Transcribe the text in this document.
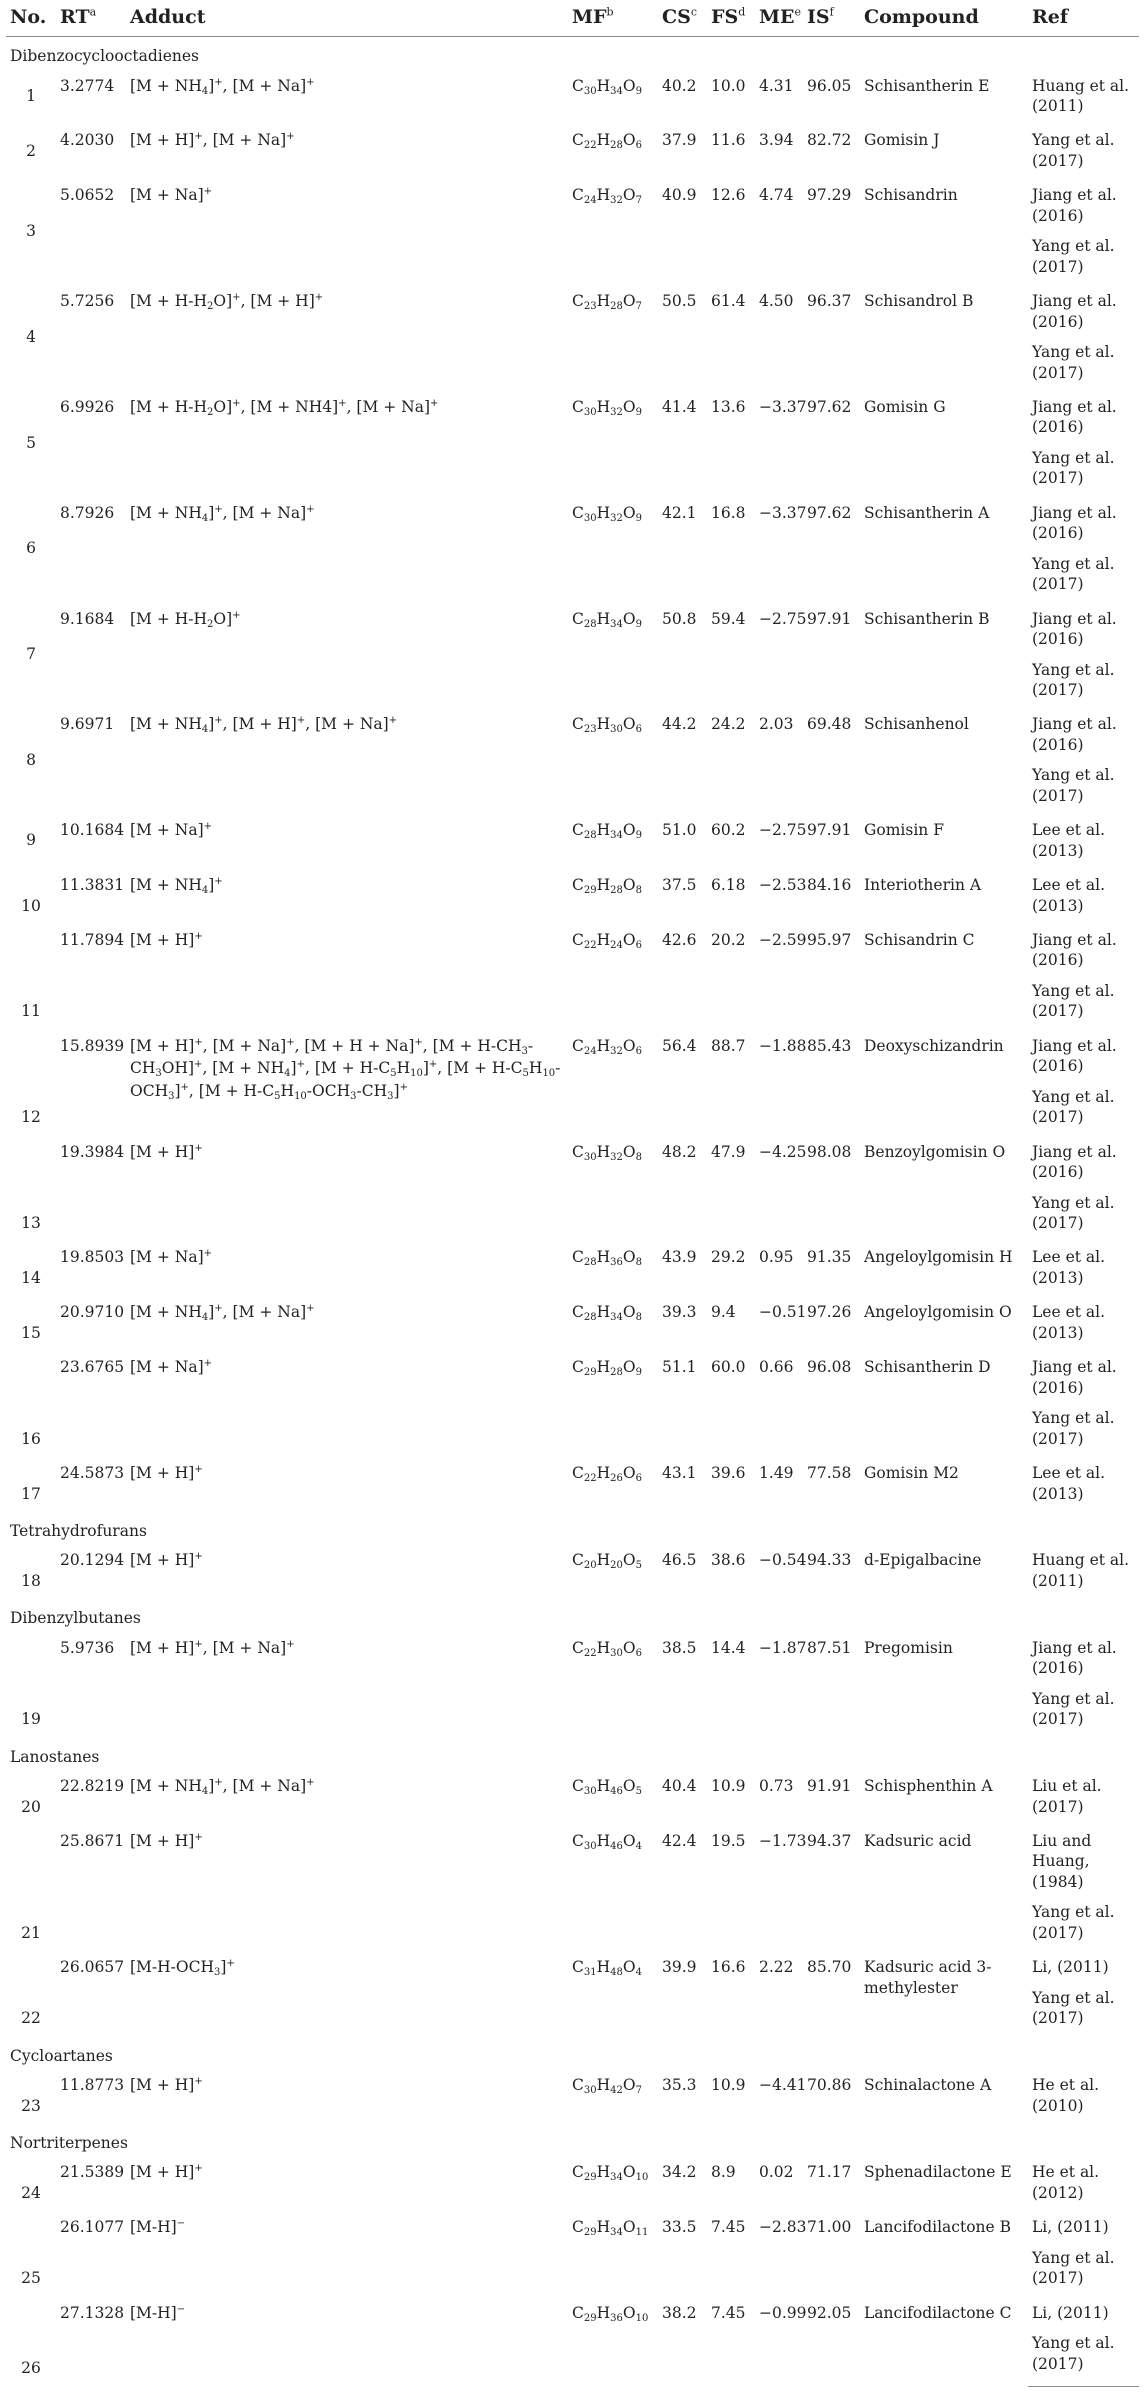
No.	$RT^a$	Adduct	$MF^b$	$CS^c$	$FS^d$	$ME^e$	$IS^f$	Compound	Ref
Dibenzocyclooctadienes									
1	3.2774	$[M + NH_4]^+$, [M + Na]+	$C_{30}H_{34}O_9$	40.2	10.0	4.31	96.05	Schisantherin E	Huang et al. (2011)
2	4.2030	[M + H]+, [M + Na]+	$C_{22}H_{28}O_6$	37.9	11.6	3.94	82.72	Gomisin J	Yang et al. (2017)
3	5.0652	[M + Na]+	$C_{24}H_{32}O_7$	40.9	12.6	4.74	97.29	Schisandrin	Jiang et al. (2016)
									Yang et al. (2017)
4	5.7256	$[M + H-H_2O]^+$, [M + H]+	$C_{23}H_{28}O_7$	50.5	61.4	4.50	96.37	Schisandrol B	Jiang et al. (2016)
									Yang et al. (2017)
5	6.9926	$[M + H-H_2O]^+$, [M + NH4]+, [M + Na]+	$C_{30}H_{32}O_9$	41.4	13.6	−3.37	97.62	Gomisin G	Jiang et al. (2016)
									Yang et al. (2017)
6	8.7926	$[M + NH_4]^+$, [M + Na]+	$C_{30}H_{32}O_9$	42.1	16.8	−3.37	97.62	Schisantherin A	Jiang et al. (2016)
									Yang et al. (2017)
7	9.1684	$[M + H-H_2O]^+$	$C_{28}H_{34}O_9$	50.8	59.4	−2.75	97.91	Schisantherin B	Jiang et al. (2016)
									Yang et al. (2017)
8	9.6971	$[M + NH_4]^+$, [M + H]+, [M + Na]+	$C_{23}H_{30}O_6$	44.2	24.2	2.03	69.48	Schisanhenol	Jiang et al. (2016)
									Yang et al. (2017)
9	10.1684	[M + Na]+	$C_{28}H_{34}O_9$	51.0	60.2	−2.75	97.91	Gomisin F	Lee et al. (2013)
10	11.3831	$[M + NH_4]^+$	$C_{29}H_{28}O_8$	37.5	6.18	−2.53	84.16	Interiotherin A	Lee et al. (2013)
11	11.7894	[M + H]+	$C_{22}H_{24}O_6$	42.6	20.2	−2.59	95.97	Schisandrin C	Jiang et al. (2016)
									Yang et al. (2017)
12	15.8939	[M + H]+, [M + Na]+, [M + H + Na]+, $[M + H-CH_3-CH_3OH]^+$, $[M + NH_4]^+$, $[M + H-C_5H_{10}]^+$, $[M + H-C_5H_{10}-OCH_3]^+$, $[M + H-C_5H_{10}-OCH_3-CH_3]^+$	$C_{24}H_{32}O_6$	56.4	88.7	−1.88	85.43	Deoxyschizandrin	Jiang et al. (2016)
									Yang et al. (2017)
13	19.3984	[M + H]+	$C_{30}H_{32}O_8$	48.2	47.9	−4.25	98.08	Benzoylgomisin O	Jiang et al. (2016)
									Yang et al. (2017)
14	19.8503	[M + Na]+	$C_{28}H_{36}O_8$	43.9	29.2	0.95	91.35	Angeloylgomisin H	Lee et al. (2013)
15	20.9710	$[M + NH_4]^+$, [M + Na]+	$C_{28}H_{34}O_8$	39.3	9.4	−0.51	97.26	Angeloylgomisin O	Lee et al. (2013)
16	23.6765	[M + Na]+	$C_{29}H_{28}O_9$	51.1	60.0	0.66	96.08	Schisantherin D	Jiang et al. (2016)
									Yang et al. (2017)
17	24.5873	[M + H]+	$C_{22}H_{26}O_6$	43.1	39.6	1.49	77.58	Gomisin M2	Lee et al. (2013)
Tetrahydrofurans									
18	20.1294	[M + H]+	$C_{20}H_{20}O_5$	46.5	38.6	−0.54	94.33	d-Epigalbacine	Huang et al. (2011)
Dibenzylbutanes									
19	5.9736	[M + H]+, [M + Na]+	$C_{22}H_{30}O_6$	38.5	14.4	−1.87	87.51	Pregomisin	Jiang et al. (2016)
									Yang et al. (2017)
Lanostanes									
20	22.8219	$[M + NH_4]^+$, [M + Na]+	$C_{30}H_{46}O_5$	40.4	10.9	0.73	91.91	Schisphenthin A	Liu et al. (2017)
21	25.8671	[M + H]+	$C_{30}H_{46}O_4$	42.4	19.5	−1.73	94.37	Kadsuric acid	Liu and Huang, (1984)
									Yang et al. (2017)
22	26.0657	$[M-H-OCH_3]^+$	$C_{31}H_{48}O_4$	39.9	16.6	2.22	85.70	Kadsuric acid 3-methylester	Li, (2011)
									Yang et al. (2017)
Cycloartanes									
23	11.8773	[M + H]+	$C_{30}H_{42}O_7$	35.3	10.9	−4.41	70.86	Schinalactone A	He et al. (2010)
Nortriterpenes									
24	21.5389	[M + H]+	$C_{29}H_{34}O_{10}$	34.2	8.9	0.02	71.17	Sphenadilactone E	He et al. (2012)
25	26.1077	[M-H]−	$C_{29}H_{34}O_{11}$	33.5	7.45	−2.83	71.00	Lancifodilactone B	Li, (2011)
									Yang et al. (2017)
26	27.1328	[M-H]−	$C_{29}H_{36}O_{10}$	38.2	7.45	−0.99	92.05	Lancifodilactone C	Li, (2011)
									Yang et al. (2017)
